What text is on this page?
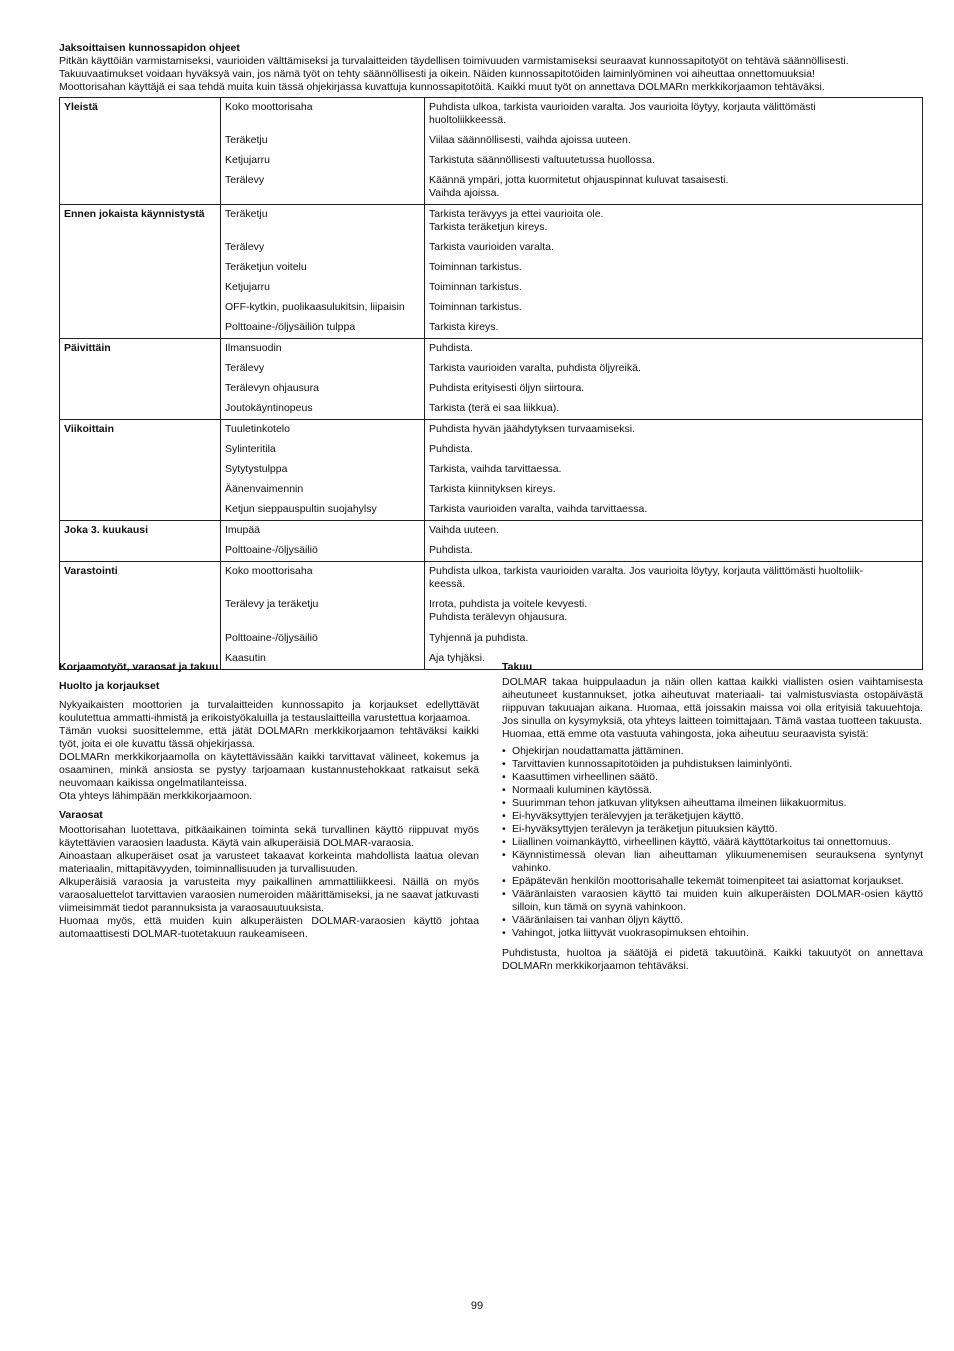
Jaksoittaisen kunnossapidon ohjeet

Pitkän käyttöiän varmistamiseksi, vaurioiden välttämiseksi ja turvalaitteiden täydellisen toimivuuden varmistamiseksi seuraavat kunnossapitotyöt on tehtävä säännöllisesti.

Takuuvaatimukset voidaan hyväksyä vain, jos nämä työt on tehty säännöllisesti ja oikein. Näiden kunnossapitotöiden laiminlyöminen voi aiheuttaa onnettomuuksia!

Moottorisahan käyttäjä ei saa tehdä muita kuin tässä ohjekirjassa kuvattuja kunnossapitotöitä. Kaikki muut työt on annettava DOLMARn merkkikorjaamon tehtäväksi.

Yleistä	Koko moottorisaha	Puhdista ulkoa, tarkista vaurioiden varalta. Jos vaurioita löytyy, korjauta välittömästi
huoltoliikkeessä.
	Teräketju	Viilaa säännöllisesti, vaihda ajoissa uuteen.
	Ketjujarru	Tarkistuta säännöllisesti valtuutetussa huollossa.
	Terälevy	Käännä ympäri, jotta kuormitetut ohjauspinnat kuluvat tasaisesti.
Vaihda ajoissa.
Ennen jokaista käynnistystä	Teräketju	Tarkista terävyys ja ettei vaurioita ole.
Tarkista teräketjun kireys.
	Terälevy	Tarkista vaurioiden varalta.
	Teräketjun voitelu	Toiminnan tarkistus.
	Ketjujarru	Toiminnan tarkistus.
	OFF-kytkin, puolikaasulukitsin, liipaisin	Toiminnan tarkistus.
	Polttoaine-/öljysäiliön tulppa	Tarkista kireys.
Päivittäin	Ilmansuodin	Puhdista.
	Terälevy	Tarkista vaurioiden varalta, puhdista öljyreikä.
	Terälevyn ohjausura	Puhdista erityisesti öljyn siirtoura.
	Joutokäyntinopeus	Tarkista (terä ei saa liikkua).
Viikoittain	Tuuletinkotelo	Puhdista hyvän jäähdytyksen turvaamiseksi.
	Sylinteritila	Puhdista.
	Sytytystulppa	Tarkista, vaihda tarvittaessa.
	Äänenvaimennin	Tarkista kiinnityksen kireys.
	Ketjun sieppauspultin suojahylsy	Tarkista vaurioiden varalta, vaihda tarvittaessa.
Joka 3. kuukausi	Imupää	Vaihda uuteen.
	Polttoaine-/öljysäiliö	Puhdista.
Varastointi	Koko moottorisaha	Puhdista ulkoa, tarkista vaurioiden varalta. Jos vaurioita löytyy, korjauta välittömästi huoltoliik-
keessä.
	Terälevy ja teräketju	Irrota, puhdista ja voitele kevyesti.
Puhdista terälevyn ohjausura.
	Polttoaine-/öljysäiliö	Tyhjennä ja puhdista.
	Kaasutin	Aja tyhjäksi.
Korjaamotyöt, varaosat ja takuu
Huolto ja korjaukset

Nykyaikaisten moottorien ja turvalaitteiden kunnossapito ja korjaukset edellyttävät koulutettua ammatti-ihmistä ja erikoistyökaluilla ja testauslaitteilla varustettua korjaamoa.

Tämän vuoksi suosittelemme, että jätät DOLMARn merkkikorjaamon tehtäväksi kaikki työt, joita ei ole kuvattu tässä ohjekirjassa.

DOLMARn merkkikorjaamolla on käytettävissään kaikki tarvittavat välineet, kokemus ja osaaminen, minkä ansiosta se pystyy tarjoamaan kustannustehokkaat ratkaisut sekä neuvomaan kaikissa ongelmatilanteissa.

Ota yhteys lähimpään merkkikorjaamoon.

Varaosat

Moottorisahan luotettava, pitkäaikainen toiminta sekä turvallinen käyttö riippuvat myös käytettävien varaosien laadusta. Käytä vain alkuperäisiä DOLMAR-varaosia.

Ainoastaan alkuperäiset osat ja varusteet takaavat korkeinta mahdollista laatua olevan materiaalin, mittapitävyyden, toiminnallisuuden ja turvallisuuden.

Alkuperäisiä varaosia ja varusteita myy paikallinen ammattiliikkeesi. Näillä on myös varaosaluettelot tarvittavien varaosien numeroiden määrittämiseksi, ja ne saavat jatkuvasti viimeisimmät tiedot parannuksista ja varaosauutuuksista.

Huomaa myös, että muiden kuin alkuperäisten DOLMAR-varaosien käyttö johtaa automaattisesti DOLMAR-tuotetakuun raukeamiseen.

Takuu

DOLMAR takaa huippulaadun ja näin ollen kattaa kaikki viallisten osien vaihtamisesta aiheutuneet kustannukset, jotka aiheutuvat materiaali- tai valmistusviasta ostopäivästä riippuvan takuuajan aikana. Huomaa, että joissakin maissa voi olla erityisiä takuuehtoja. Jos sinulla on kysymyksiä, ota yhteys laitteen toimittajaan. Tämä vastaa tuotteen takuusta.

Huomaa, että emme ota vastuuta vahingosta, joka aiheutuu seuraavista syistä:

• Ohjekirjan noudattamatta jättäminen.
• Tarvittavien kunnossapitotöiden ja puhdistuksen laiminlyönti.
• Kaasuttimen virheellinen säätö.
• Normaali kuluminen käytössä.
• Suurimman tehon jatkuvan ylityksen aiheuttama ilmeinen liikakuormitus.
• Ei-hyväksyttyjen terälevyjen ja teräketjujen käyttö.
• Ei-hyväksyttyjen terälevyn ja teräketjun pituuksien käyttö.
• Liiallinen voimankäyttö, virheellinen käyttö, väärä käyttötarkoitus tai onnettomuus.
• Käynnistimessä olevan lian aiheuttaman ylikuumenemisen seurauksena syntynyt vahinko.
• Epäpätevän henkilön moottorisahalle tekemät toimenpiteet tai asiattomat korjaukset.
• Vääränlaisten varaosien käyttö tai muiden kuin alkuperäisten DOLMAR-osien käyttö silloin, kun tämä on syynä vahinkoon.
• Vääränlaisen tai vanhan öljyn käyttö.
• Vahingot, jotka liittyvät vuokrasopimuksen ehtoihin.

Puhdistusta, huoltoa ja säätöjä ei pidetä takuutöinä. Kaikki takuutyöt on annettava DOLMARn merkkikorjaamon tehtäväksi.

99
